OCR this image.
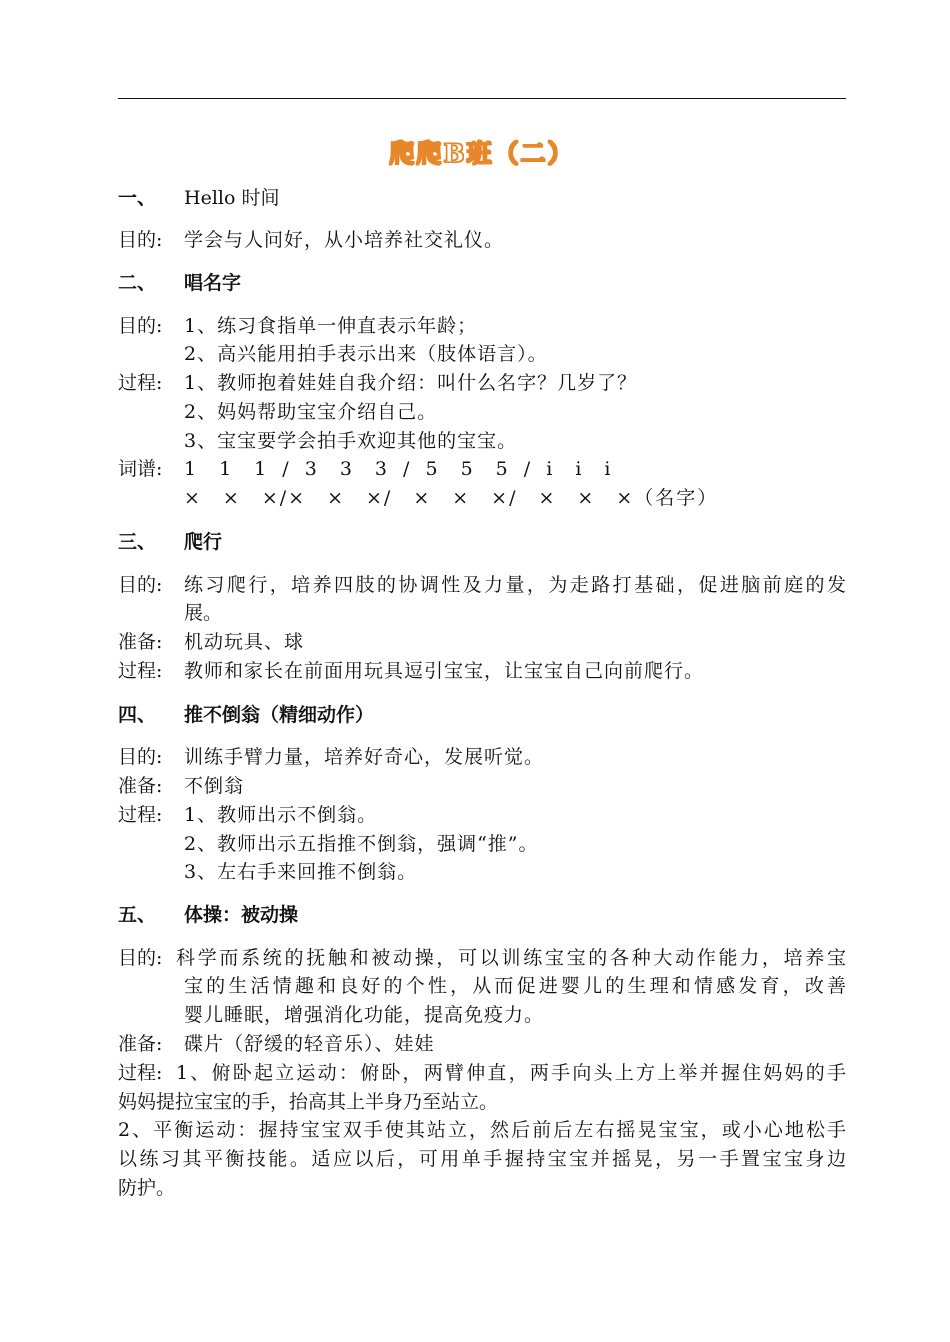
爬爬B班（二）
一、	Hello 时间
目的:	学会与人问好，从小培养社交礼仪。
二、	唱名字
目的:	1、练习食指单一伸直表示年龄；
2、高兴能用拍手表示出来（肢体语言）。
过程:	1、教师抱着娃娃自我介绍：叫什么名字？几岁了？
2、妈妈帮助宝宝介绍自己。
3、宝宝要学会拍手欢迎其他的宝宝。
词谱:	1　1　1 / 3　3　3 / 5　5　5 / i　i　i
×　×　×/×　×　×/　×　×　×/　×　×　×（名字）
三、	爬行
目的:	练习爬行，培养四肢的协调性及力量，为走路打基础，促进脑前庭的发
展。
准备:	机动玩具、球
过程:	教师和家长在前面用玩具逗引宝宝，让宝宝自己向前爬行。
四、	推不倒翁（精细动作）
目的:	训练手臂力量，培养好奇心，发展听觉。
准备:	不倒翁
过程:	1、教师出示不倒翁。
2、教师出示五指推不倒翁，强调“推”。
3、左右手来回推不倒翁。
五、	体操：被动操
目的: 科学而系统的抚触和被动操，可以训练宝宝的各种大动作能力，培养宝
宝的生活情趣和良好的个性，从而促进婴儿的生理和情感发育，改善
婴儿睡眠，增强消化功能，提高免疫力。
准备:	碟片（舒缓的轻音乐）、娃娃
过程: 1、俯卧起立运动：俯卧，两臂伸直，两手向头上方上举并握住妈妈的手
妈妈提拉宝宝的手，抬高其上半身乃至站立。
2、平衡运动：握持宝宝双手使其站立，然后前后左右摇晃宝宝，或小心地松手
以练习其平衡技能。适应以后，可用单手握持宝宝并摇晃，另一手置宝宝身边
防护。
